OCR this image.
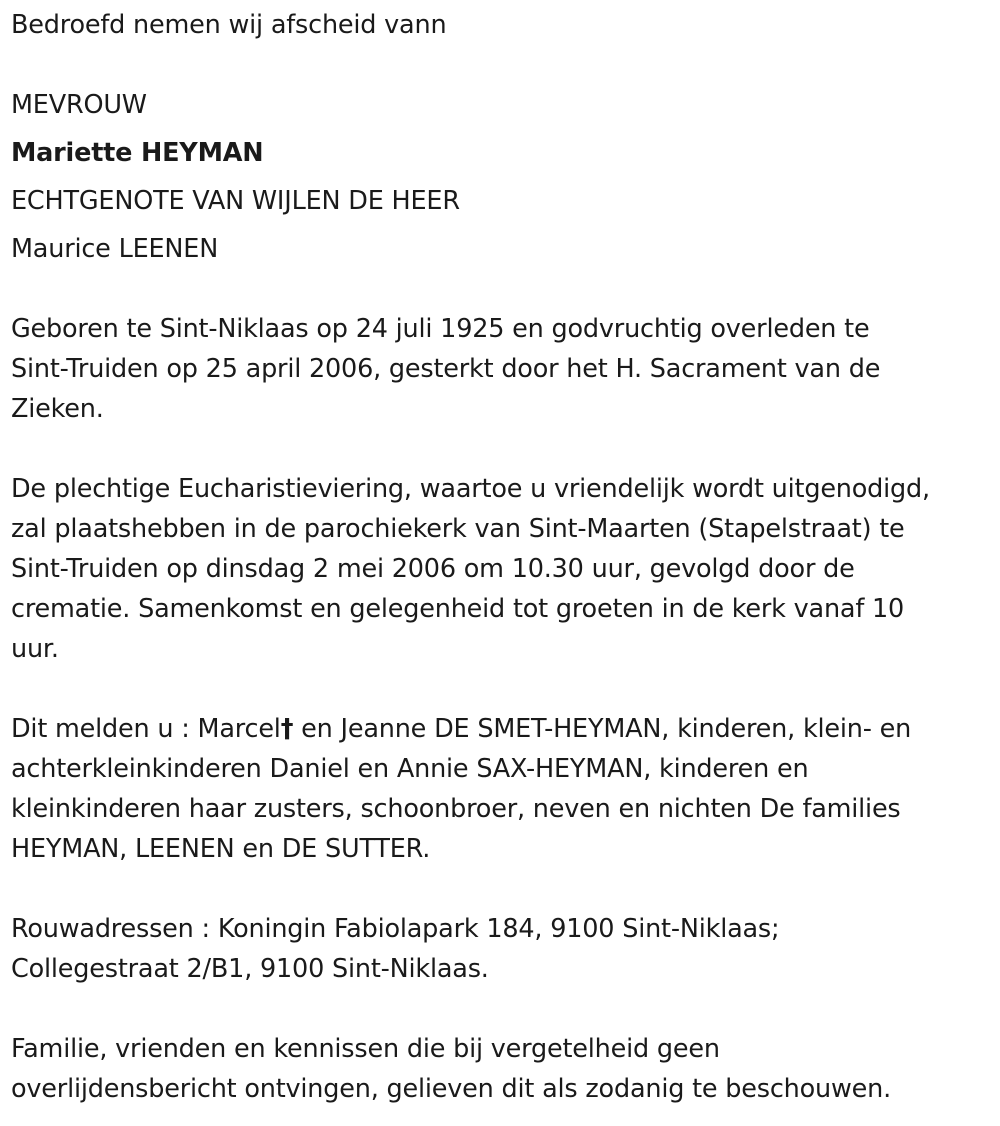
Bedroefd nemen wij afscheid vann
MEVROUW
Mariette HEYMAN
ECHTGENOTE VAN WIJLEN DE HEER
Maurice LEENEN
Geboren te Sint-Niklaas op 24 juli 1925 en godvruchtig overleden te
Sint-Truiden op 25 april 2006, gesterkt door het H. Sacrament van de
Zieken.
De plechtige Eucharistieviering, waartoe u vriendelijk wordt uitgenodigd,
zal plaatshebben in de parochiekerk van Sint-Maarten (Stapelstraat) te
Sint-Truiden op dinsdag 2 mei 2006 om 10.30 uur, gevolgd door de
crematie. Samenkomst en gelegenheid tot groeten in de kerk vanaf 10
uur.
Dit melden u : Marcel† en Jeanne DE SMET-HEYMAN, kinderen, klein- en
achterkleinkinderen Daniel en Annie SAX-HEYMAN, kinderen en
kleinkinderen haar zusters, schoonbroer, neven en nichten De families
HEYMAN, LEENEN en DE SUTTER.
Rouwadressen : Koningin Fabiolapark 184, 9100 Sint-Niklaas;
Collegestraat 2/B1, 9100 Sint-Niklaas.
Familie, vrienden en kennissen die bij vergetelheid geen
overlijdensbericht ontvingen, gelieven dit als zodanig te beschouwen.
